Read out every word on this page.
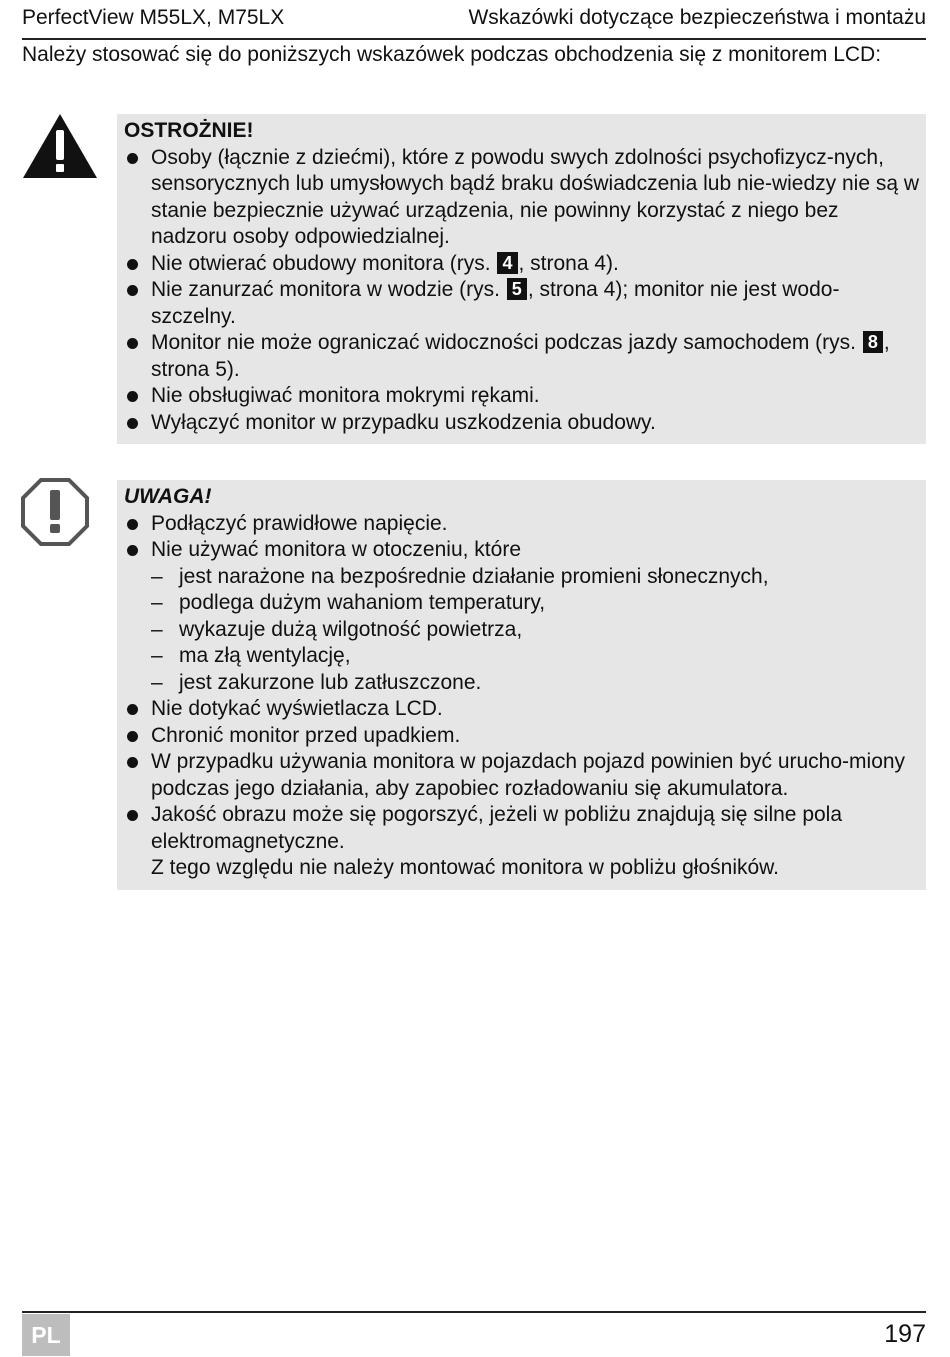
PerfectView M55LX, M75LX	Wskazówki dotyczące bezpieczeństwa i montażu
Należy stosować się do poniższych wskazówek podczas obchodzenia się z monitorem LCD:
OSTROŻNIE!
Osoby (łącznie z dziećmi), które z powodu swych zdolności psychofizycz-nych, sensorycznych lub umysłowych bądź braku doświadczenia lub nie-wiedzy nie są w stanie bezpiecznie używać urządzenia, nie powinny korzystać z niego bez nadzoru osoby odpowiedzialnej.
Nie otwierać obudowy monitora (rys. 4 , strona 4).
Nie zanurzać monitora w wodzie (rys. 5 , strona 4); monitor nie jest wodo-szczelny.
Monitor nie może ograniczać widoczności podczas jazdy samochodem (rys. 8 , strona 5).
Nie obsługiwać monitora mokrymi rękami.
Wyłączyć monitor w przypadku uszkodzenia obudowy.
UWAGA!
Podłączyć prawidłowe napięcie.
Nie używać monitora w otoczeniu, które
– jest narażone na bezpośrednie działanie promieni słonecznych,
– podlega dużym wahaniom temperatury,
– wykazuje dużą wilgotność powietrza,
– ma złą wentylację,
– jest zakurzone lub zatłuszczone.
Nie dotykać wyświetlacza LCD.
Chronić monitor przed upadkiem.
W przypadku używania monitora w pojazdach pojazd powinien być urucho-miony podczas jego działania, aby zapobiec rozładowaniu się akumulatora.
Jakość obrazu może się pogorszyć, jeżeli w pobliżu znajdują się silne pola elektromagnetyczne.
Z tego względu nie należy montować monitora w pobliżu głośników.
PL	197
